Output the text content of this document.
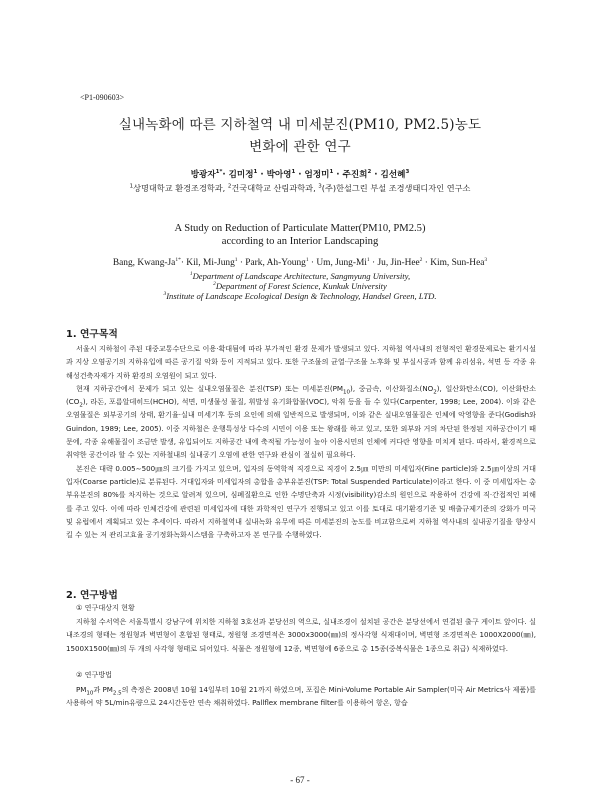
<P1-090603>
실내녹화에 따른 지하철역 내 미세분진(PM10, PM2.5)농도
변화에 관한 연구
방광자$^{1*}$· 김미정$^1$ · 박아영$^1$ · 엄정미$^1$ · 주진희$^2$ · 김선혜$^3$
$^1$상명대학교 환경조경학과, $^2$건국대학교 산림과학과, $^3$(주)한설그린 부설 조경생태디자인 연구소
A Study on Reduction of Particulate Matter(PM10, PM2.5)
according to an Interior Landscaping
Bang, Kwang-$Ja^{1*}\cdot$ Kil, Mi-Jung$^1$ · Park, Ah-Young$^1$ · Um, Jung-$Mi^1 \cdot Ju$, Jin-Hee$^2$ · Kim, Sun-Hea$^3$
$^1$Department of Landscape Architecture, Sangmyung University,
$^2$Department of Forest Science, Kunkuk University
$^3$Institute of Landscape Ecological Design & Technology, Handsel Green, LTD.
1. 연구목적

서울시 지하철이 주된 대중교통수단으로 이용·확대됨에 따라 부가적인 환경 문제가 발생되고 있다. 지하철 역사내의 전형적인 환경문제로는 환기시설과 지상 오염공기의 지하유입에 따른 공기질 악화 등이 지적되고 있다. 또한 구조물의 균열·구조물 노후화 및 부실시공과 함께 유리섬유, 석면 등 각종 유해성건축자재가 지하 환경의 오염원이 되고 있다.

현재 지하공간에서 문제가 되고 있는 실내오염물질은 분진(TSP) 또는 미세분진$(PM_{10})$, 중금속, 이산화질소$(NO_2)$, 일산화탄소(CO), 이산화탄소$(CO_2)$, 라돈, 포름알데히드(HCHO), 석면, 미생물성 물질, 휘발성 유기화합물(VOC), 악취 등을 들 수 있다(Carpenter, 1998; Lee, 2004). 이와 같은 오염물질은 외부공기의 상태, 환기율·실내 미세기후 등의 요인에 의해 일반적으로 발생되며, 이와 같은 실내오염물질은 인체에 악영향을 준다(Godish와 Guindon, 1989; Lee, 2005). 이중 지하철은 운행특성상 다수의 시민이 이용 또는 왕래를 하고 있고, 또한 외부와 거의 차단된 한정된 지하공간이기 때문에, 각종 유해물질이 조금만 발생, 유입되어도 지하공간 내에 축적될 가능성이 높아 이용시민의 인체에 커다란 영향을 미치게 된다. 따라서, 환경적으로 취약한 공간이라 할 수 있는 지하철내의 실내공기 오염에 관한 연구와 관심이 절실히 필요하다.

본진은 대략 0.005∼500㎛의 크기를 가지고 있으며, 입자의 동역학적 직경으로 직경이 2.5㎛ 미만의 미세입자(Fine particle)와 2.5㎛이상의 거대입자(Coarse particle)로 분류된다. 거대입자와 미세입자의 총합을 총부유분진(TSP: Total Suspended Particulate)이라고 한다. 이 중 미세입자는 총부유분진의 80%를 차지하는 것으로 알려져 있으며, 심폐질환으로 인한 수명단축과 시정(visibility)감소의 원인으로 작용하여 건강에 직·간접적인 피해를 주고 있다. 이에 따라 인체건강에 관련된 미세입자에 대한 과학적인 연구가 진행되고 있고 이를 토대로 대기환경기준 및 배출규제기준의 강화가 미국 및 유럽에서 계획되고 있는 추세이다. 따라서 지하철역내 실내녹화 유무에 따른 미세분진의 농도를 비교함으로써 지하철 역사내의 실내공기질을 향상시킬 수 있는 저 관리고효율 공기정화녹화시스템을 구축하고자 본 연구를 수행하였다.

2. 연구방법
① 연구대상지 현황

지하철 수서역은 서울특별시 강남구에 위치한 지하철 3호선과 분당선의 역으로, 실내조경이 설치된 공간은 분당선에서 연결된 출구 게이트 앞이다. 실내조경의 형태는 정원형과 벽면형이 혼합된 형태로, 정원형 조경면적은 3000x3000(㎜)의 정사각형 식재대이며, 벽면형 조경면적은 1000X2000(㎜), 1500X1500(㎜)의 두 개의 사각형 형태로 되어있다. 식물은 정원형에 12종, 벽면형에 6종으로 총 15종(중복식물은 1종으로 취급) 식재하였다.

② 연구방법

$PM_{10}$과 $PM_{2.5}$의 측정은 2008년 10월 14일부터 10월 21까지 하였으며, 포집은 Mini-Volume Portable Air Sampler(미국 Air Metrics사 제품)를 사용하여 약 5L/min유량으로 24시간동안 연속 채취하였다. Pallflex membrane filter를 이용하여 항온, 항습

- 67 -
